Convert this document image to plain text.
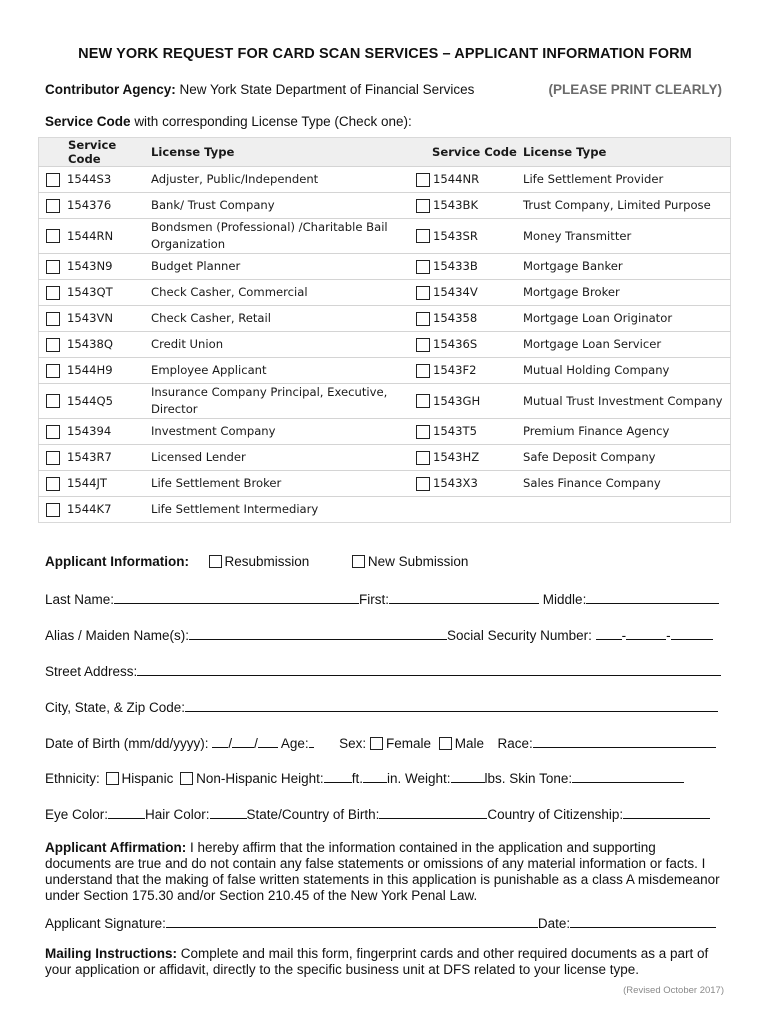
NEW YORK REQUEST FOR CARD SCAN SERVICES – APPLICANT INFORMATION FORM
Contributor Agency: New York State Department of Financial Services	(PLEASE PRINT CLEARLY)
Service Code with corresponding License Type (Check one):
Service Code		License Type	Service Code		License Type
	1544S3	Adjuster, Public/Independent		1544NR	Life Settlement Provider
	154376	Bank/ Trust Company		1543BK	Trust Company, Limited Purpose
	1544RN	Bondsmen (Professional) /Charitable Bail Organization		1543SR	Money Transmitter
	1543N9	Budget Planner		15433B	Mortgage Banker
	1543QT	Check Casher, Commercial		15434V	Mortgage Broker
	1543VN	Check Casher, Retail		154358	Mortgage Loan Originator
	15438Q	Credit Union		15436S	Mortgage Loan Servicer
	1544H9	Employee Applicant		1543F2	Mutual Holding Company
	1544Q5	Insurance Company Principal, Executive, Director		1543GH	Mutual Trust Investment Company
	154394	Investment Company		1543T5	Premium Finance Agency
	1543R7	Licensed Lender		1543HZ	Safe Deposit Company
	1544JT	Life Settlement Broker		1543X3	Sales Finance Company
	1544K7	Life Settlement Intermediary			
Applicant Information:	Resubmission	New Submission
Last Name:	First:	Middle:
Alias / Maiden Name(s):	Social Security Number: -	-
Street Address:
City, State, & Zip Code:
Date of Birth (mm/dd/yyyy): / / Age: Sex: Female Male Race:
Ethnicity: Hispanic Non-Hispanic Height: ft. in. Weight:	lbs. Skin Tone:
Eye Color:	Hair Color:	State/Country of Birth:	Country of Citizenship:
Applicant Affirmation: I hereby affirm that the information contained in the application and supporting documents are true and do not contain any false statements or omissions of any material information or facts. I understand that the making of false written statements in this application is punishable as a class A misdemeanor under Section 175.30 and/or Section 210.45 of the New York Penal Law.
Applicant Signature:	Date:
Mailing Instructions: Complete and mail this form, fingerprint cards and other required documents as a part of your application or affidavit, directly to the specific business unit at DFS related to your license type.
(Revised October 2017)
